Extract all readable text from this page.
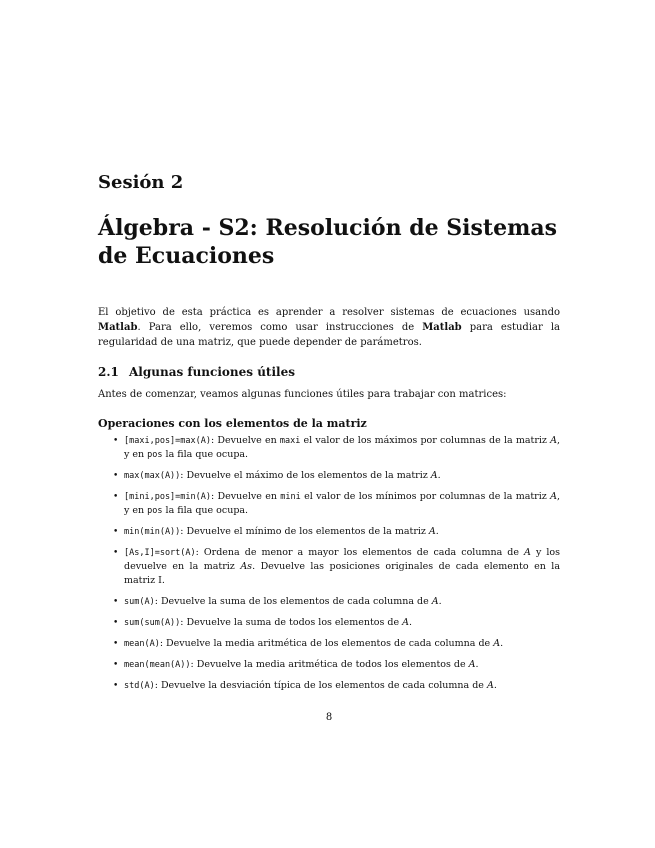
Sesión 2
Álgebra - S2: Resolución de Sistemas de Ecuaciones

El objetivo de esta práctica es aprender a resolver sistemas de ecuaciones usando Matlab. Para ello, veremos como usar instrucciones de Matlab para estudiar la regularidad de una matriz, que puede depender de parámetros.

2.1 Algunas funciones útiles

Antes de comenzar, veamos algunas funciones útiles para trabajar con matrices:

Operaciones con los elementos de la matriz
• [maxi,pos]=max(A): Devuelve en maxi el valor de los máximos por columnas de la matriz A, y en pos la fila que ocupa.
• max(max(A)): Devuelve el máximo de los elementos de la matriz A.
• [mini,pos]=min(A): Devuelve en mini el valor de los mínimos por columnas de la matriz A, y en pos la fila que ocupa.
• min(min(A)): Devuelve el mínimo de los elementos de la matriz A.
• [As,I]=sort(A): Ordena de menor a mayor los elementos de cada columna de A y los devuelve en la matriz As. Devuelve las posiciones originales de cada elemento en la matriz I.
• sum(A): Devuelve la suma de los elementos de cada columna de A.
• sum(sum(A)): Devuelve la suma de todos los elementos de A.
• mean(A): Devuelve la media aritmética de los elementos de cada columna de A.
• mean(mean(A)): Devuelve la media aritmética de todos los elementos de A.
• std(A): Devuelve la desviación típica de los elementos de cada columna de A.

8
